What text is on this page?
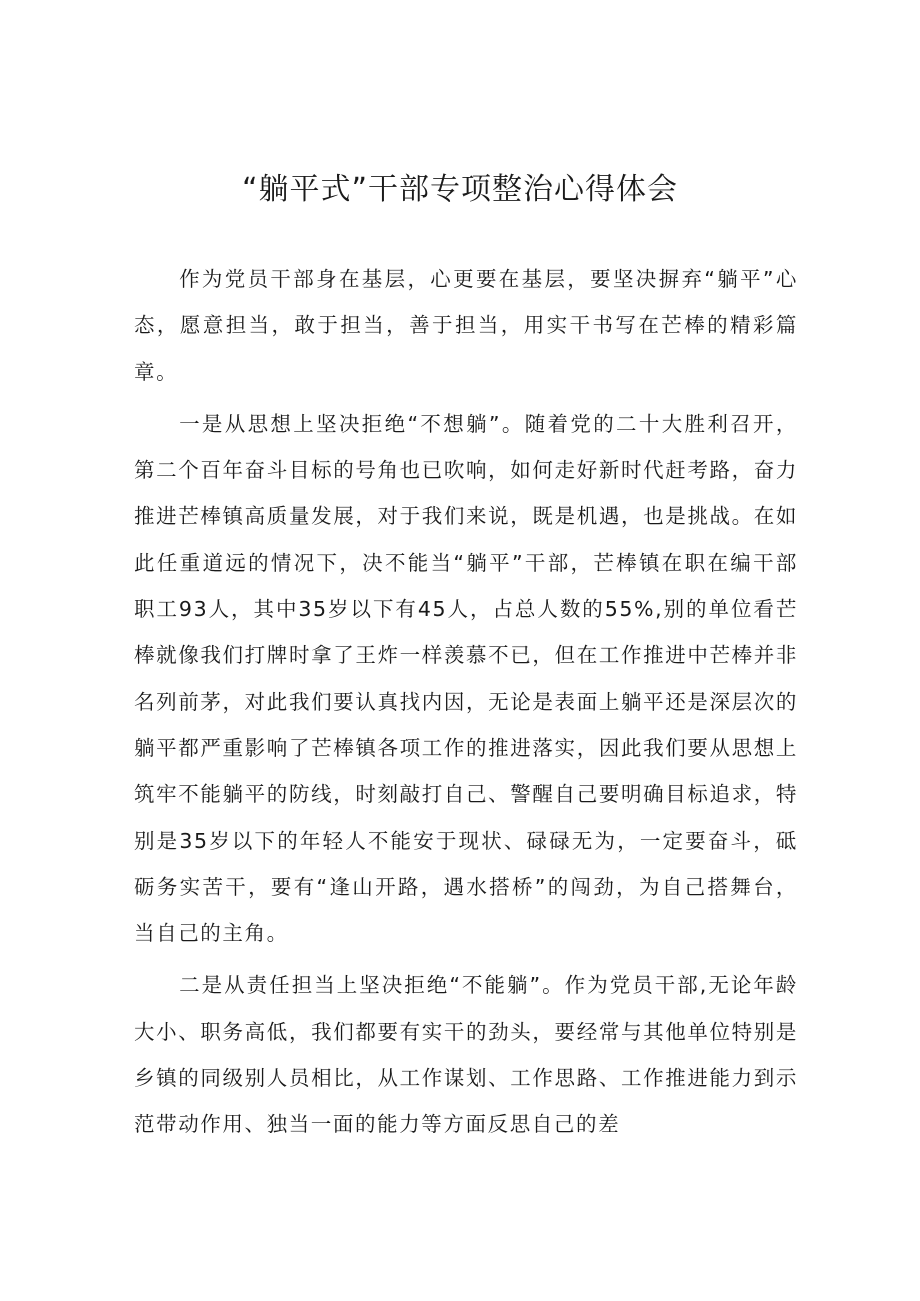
“躺平式”干部专项整治心得体会

作为党员干部身在基层，心更要在基层，要坚决摒弃“躺平”心态，愿意担当，敢于担当，善于担当，用实干书写在芒棒的精彩篇章。

一是从思想上坚决拒绝“不想躺”。随着党的二十大胜利召开，第二个百年奋斗目标的号角也已吹响，如何走好新时代赶考路，奋力推进芒棒镇高质量发展，对于我们来说，既是机遇，也是挑战。在如此任重道远的情况下，决不能当“躺平”干部，芒棒镇在职在编干部职工93人，其中35岁以下有45人，占总人数的55%,别的单位看芒棒就像我们打牌时拿了王炸一样羡慕不已，但在工作推进中芒棒并非名列前茅，对此我们要认真找内因，无论是表面上躺平还是深层次的躺平都严重影响了芒棒镇各项工作的推进落实，因此我们要从思想上筑牢不能躺平的防线，时刻敲打自己、警醒自己要明确目标追求，特别是35岁以下的年轻人不能安于现状、碌碌无为，一定要奋斗，砥砺务实苦干，要有“逢山开路，遇水搭桥”的闯劲，为自己搭舞台，当自己的主角。

二是从责任担当上坚决拒绝“不能躺”。作为党员干部,无论年龄大小、职务高低，我们都要有实干的劲头，要经常与其他单位特别是乡镇的同级别人员相比，从工作谋划、工作思路、工作推进能力到示范带动作用、独当一面的能力等方面反思自己的差
